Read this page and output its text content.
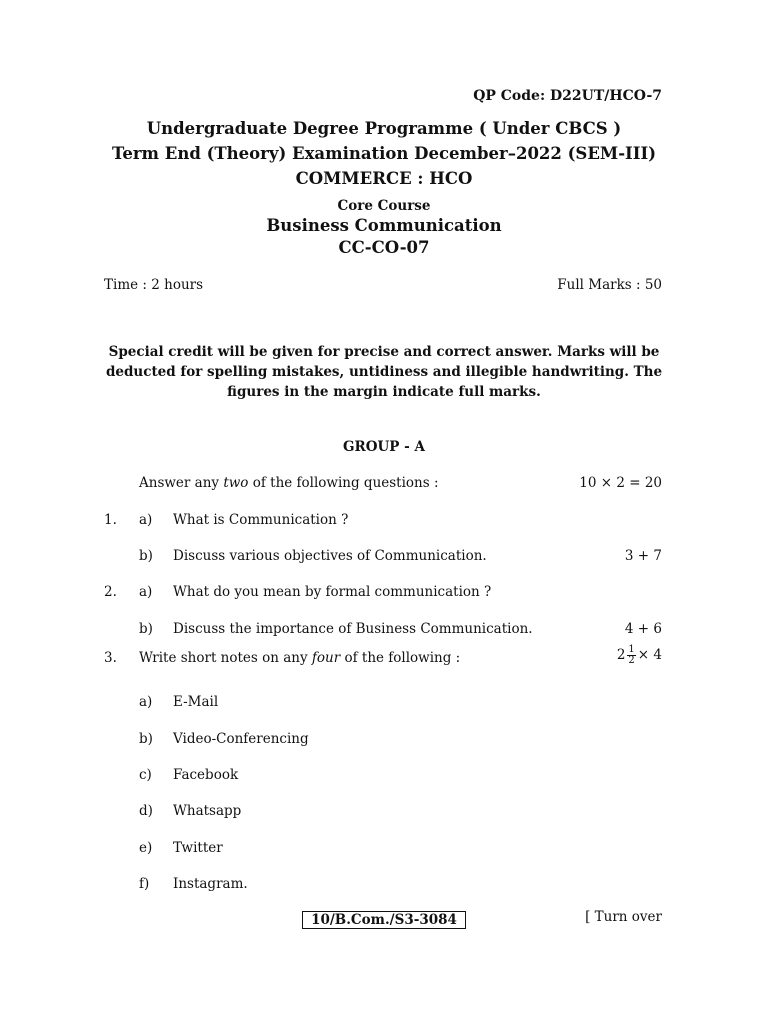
QP Code: D22UT/HCO-7
Undergraduate Degree Programme ( Under CBCS )
Term End (Theory) Examination December–2022 (SEM-III)
COMMERCE : HCO
Core Course
Business Communication
CC-CO-07
Time : 2 hours	Full Marks : 50
Special credit will be given for precise and correct answer. Marks will be deducted for spelling mistakes, untidiness and illegible handwriting. The figures in the margin indicate full marks.
GROUP - A
Answer any two of the following questions :	10 × 2 = 20
1. a) What is Communication ?
b) Discuss various objectives of Communication.	3 + 7
2. a) What do you mean by formal communication ?
b) Discuss the importance of Business Communication.	4 + 6
3. Write short notes on any four of the following :	$2 \frac{1}{2} \times 4$
a) E-Mail
b) Video-Conferencing
c) Facebook
d) Whatsapp
e) Twitter
f) Instagram.
10/B.Com./S3-3084	[ Turn over
